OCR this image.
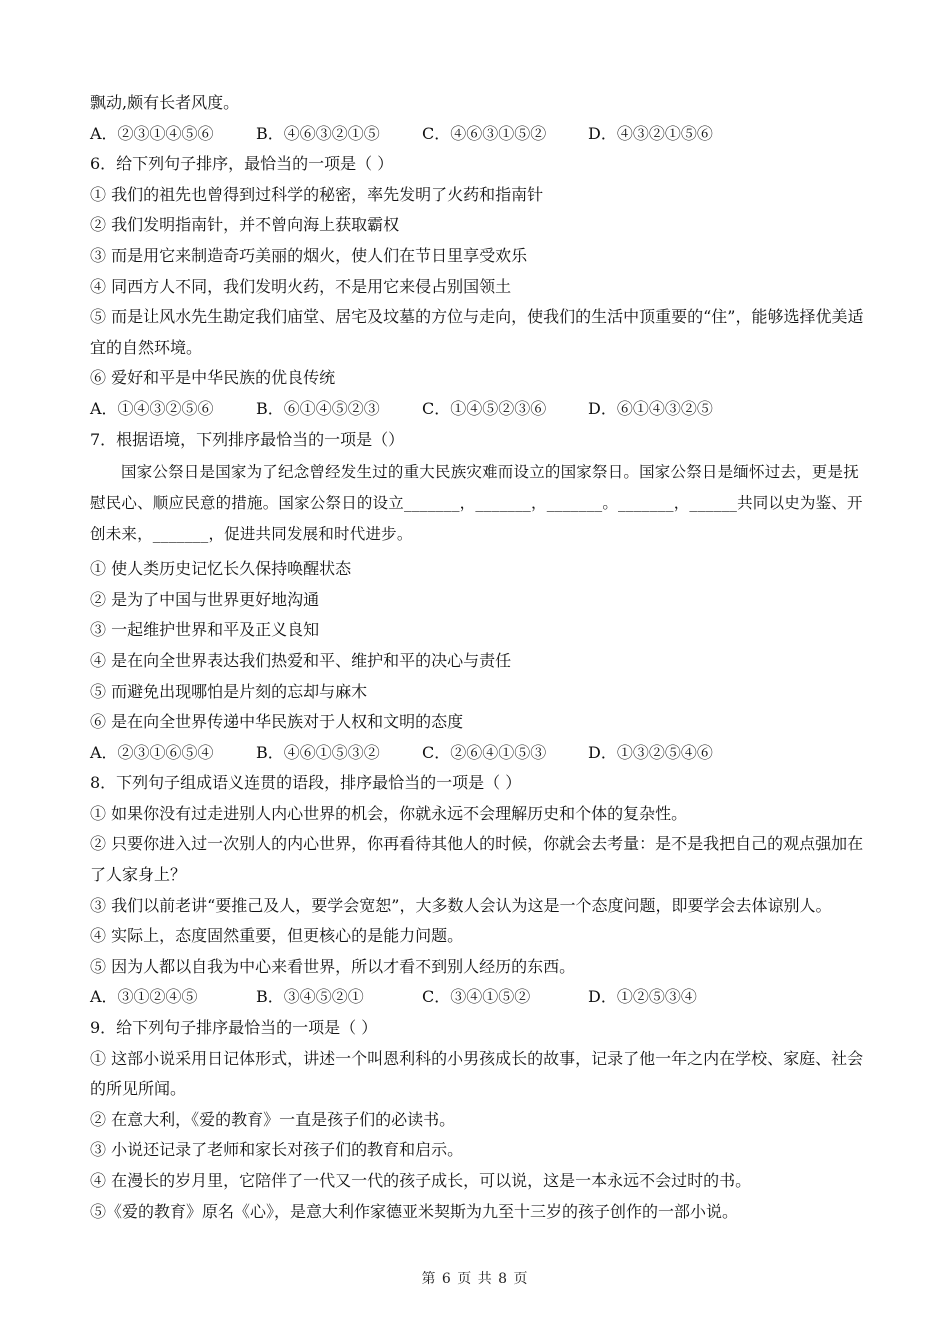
飘动,颇有长者风度。
A．②③①④⑤⑥	B．④⑥③②①⑤	C．④⑥③①⑤②	D．④③②①⑤⑥
6．给下列句子排序，最恰当的一项是（ ）
① 我们的祖先也曾得到过科学的秘密，率先发明了火药和指南针
② 我们发明指南针，并不曾向海上获取霸权
③ 而是用它来制造奇巧美丽的烟火，使人们在节日里享受欢乐
④ 同西方人不同，我们发明火药，不是用它来侵占别国领土
⑤ 而是让风水先生勘定我们庙堂、居宅及坟墓的方位与走向，使我们的生活中顶重要的“住”，能够选择优美适宜的自然环境。
⑥ 爱好和平是中华民族的优良传统
A．①④③②⑤⑥	B．⑥①④⑤②③	C．①④⑤②③⑥	D．⑥①④③②⑤
7．根据语境，下列排序最恰当的一项是（）
国家公祭日是国家为了纪念曾经发生过的重大民族灾难而设立的国家祭日。国家公祭日是缅怀过去，更是抚慰民心、顺应民意的措施。国家公祭日的设立_______，_______，_______。_______，______共同以史为鉴、开创未来，_______，促进共同发展和时代进步。
① 使人类历史记忆长久保持唤醒状态
② 是为了中国与世界更好地沟通
③ 一起维护世界和平及正义良知
④ 是在向全世界表达我们热爱和平、维护和平的决心与责任
⑤ 而避免出现哪怕是片刻的忘却与麻木
⑥ 是在向全世界传递中华民族对于人权和文明的态度
A．②③①⑥⑤④	B．④⑥①⑤③②	C．②⑥④①⑤③	D．①③②⑤④⑥
8．下列句子组成语义连贯的语段，排序最恰当的一项是（ ）
① 如果你没有过走进别人内心世界的机会，你就永远不会理解历史和个体的复杂性。
② 只要你进入过一次别人的内心世界，你再看待其他人的时候，你就会去考量：是不是我把自己的观点强加在了人家身上？
③ 我们以前老讲“要推己及人，要学会宽恕”，大多数人会认为这是一个态度问题，即要学会去体谅别人。
④ 实际上，态度固然重要，但更核心的是能力问题。
⑤ 因为人都以自我为中心来看世界，所以才看不到别人经历的东西。
A．③①②④⑤	B．③④⑤②①	C．③④①⑤②	D．①②⑤③④
9．给下列句子排序最恰当的一项是（ ）
① 这部小说采用日记体形式，讲述一个叫恩利科的小男孩成长的故事，记录了他一年之内在学校、家庭、社会的所见所闻。
② 在意大利，《爱的教育》一直是孩子们的必读书。
③ 小说还记录了老师和家长对孩子们的教育和启示。
④ 在漫长的岁月里，它陪伴了一代又一代的孩子成长，可以说，这是一本永远不会过时的书。
⑤《爱的教育》原名《心》，是意大利作家德亚米契斯为九至十三岁的孩子创作的一部小说。
第 6 页 共 8 页
